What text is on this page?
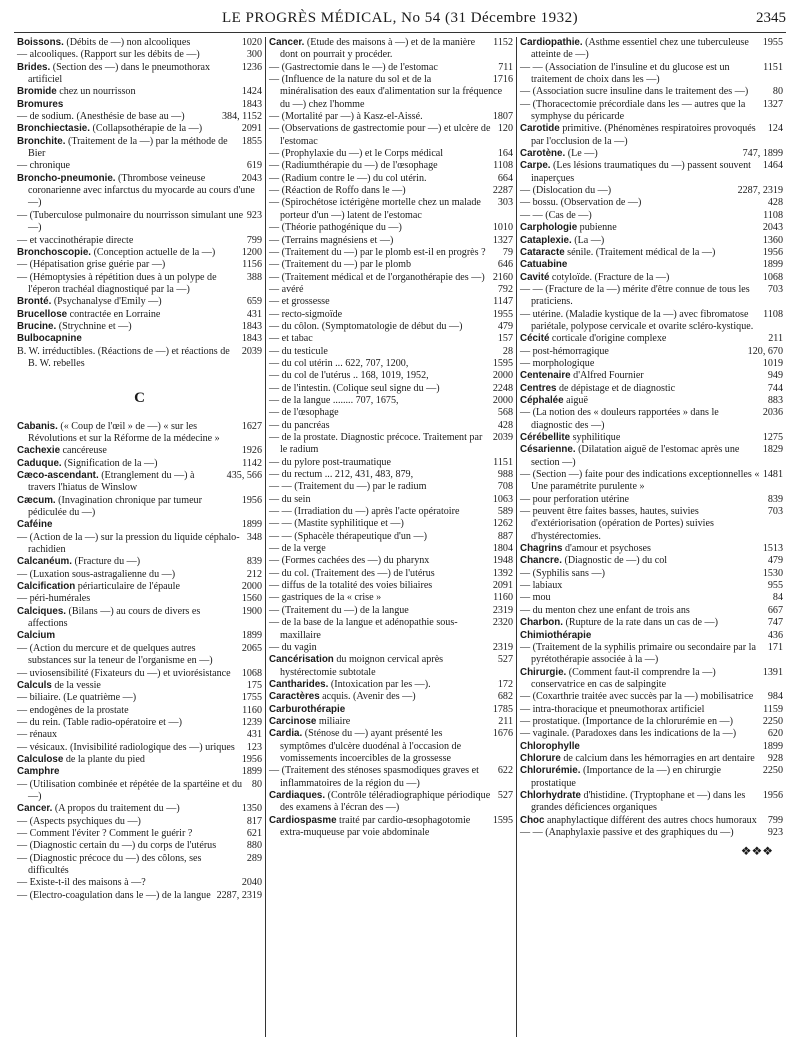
LE PROGRÈS MÉDICAL, No 54 (31 Décembre 1932)	2345

1020
Boissons. (Débits de —) non alcooliques

300
— alcooliques. (Rapport sur les débits de —)

1236
Brides. (Section des —) dans le pneumothorax artificiel

1424
Bromide chez un nourrisson

1843
Bromures

384, 1152
— de sodium. (Anesthésie de base au —)

2091
Bronchiectasie. (Collapsothérapie de la —)

1855
Bronchite. (Traitement de la —) par la méthode de Bier

619
— chronique

2043
Broncho-pneumonie. (Thrombose veineuse coronarienne avec infarctus du myocarde au cours d'une —)

923
— (Tuberculose pulmonaire du nourrisson simulant une —)

799
— et vaccinothérapie directe

1200
Bronchoscopie. (Conception actuelle de la —)

1156
— (Hépatisation grise guérie par —)

388
— (Hémoptysies à répétition dues à un polype de l'éperon trachéal diagnostiqué par la —)

659
Bronté. (Psychanalyse d'Emily —)

431
Brucellose contractée en Lorraine

1843
Brucine. (Strychnine et —)

1843
Bulbocapnine

2039
B. W. irréductibles. (Réactions de —) et réactions de B. W. rebelles

C

1627
Cabanis. (« Coup de l'œil » de —) « sur les Révolutions et sur la Réforme de la médecine »

1926
Cachexie cancéreuse

1142
Caduque. (Signification de la —)

435, 566
Cæco-ascendant. (Etranglement du —) à travers l'hiatus de Winslow

1956
Cæcum. (Invagination chronique par tumeur pédiculée du —)

1899
Caféine

348
— (Action de la —) sur la pression du liquide céphalo-rachidien

839
Calcanéum. (Fracture du —)

212
— (Luxation sous-astragalienne du —)

2000
Calcification périarticulaire de l'épaule

1560
— péri-humérales

1900
Calciques. (Bilans —) au cours de divers es affections

1899
Calcium

2065
— (Action du mercure et de quelques autres substances sur la teneur de l'organisme en —)

1068
— uviosensibilité (Fixateurs du —) et uviorésistance

175
Calculs de la vessie

1755
— biliaire. (Le quatrième —)

1160
— endogènes de la prostate

1239
— du rein. (Table radio-opératoire et —)

431
— rénaux

123
— vésicaux. (Invisibilité radiologique des —) uriques

1956
Calculose de la plante du pied

1899
Camphre

80
— (Utilisation combinée et répétée de la spartéine et du —)

1350
Cancer. (A propos du traitement du —)

817
— (Aspects psychiques du —)

621
— Comment l'éviter ? Comment le guérir ?

880
— (Diagnostic certain du —) du corps de l'utérus

289
— (Diagnostic précoce du —) des côlons, ses difficultés

2040
— Existe-t-il des maisons à —?

2287, 2319
— (Electro-coagulation dans le —) de la langue

1152
Cancer. (Etude des maisons à —) et de la manière dont on pourrait y procéder.

711
— (Gastrectomie dans le —) de l'estomac

1716
— (Influence de la nature du sol et de la minéralisation des eaux d'alimentation sur la fréquence du —) chez l'homme

1807
— (Mortalité par —) à Kasz-el-Aissé.

120
— (Observations de gastrectomie pour —) et ulcère de l'estomac

164
— (Prophylaxie du —) et le Corps médical

1108
— (Radiumthérapie du —) de l'œsophage

664
— (Radium contre le —) du col utérin.

2287
— (Réaction de Roffo dans le —)

303
— (Spirochétose ictérigène mortelle chez un malade porteur d'un —) latent de l'estomac

1010
— (Théorie pathogénique du —)

1327
— (Terrains magnésiens et —)

79
— (Traitement du —) par le plomb est-il en progrès ?

646
— (Traitement du —) par le plomb

2160
— (Traitement médical et de l'organothérapie des —)

792
— avéré

1147
— et grossesse

1955
— recto-sigmoïde

479
— du côlon. (Symptomatologie de début du —)

157
— et tabac

28
— du testicule

1595
— du col utérin ... 622, 707, 1200,

2000
— du col de l'utérus .. 168, 1019, 1952,

2248
— de l'intestin. (Colique seul signe du —)

2000
— de la langue ........ 707, 1675,

568
— de l'œsophage

428
— du pancréas

2039
— de la prostate. Diagnostic précoce. Traitement par le radium

1151
— du pylore post-traumatique

988
— du rectum ... 212, 431, 483, 879,

708
— — (Traitement du —) par le radium

1063
— du sein

589
— — (Irradiation du —) après l'acte opératoire

1262
— — (Mastite syphilitique et —)

887
— — (Sphacèle thérapeutique d'un —)

1804
— de la verge

1948
— (Formes cachées des —) du pharynx

1392
— du col. (Traitement des —) de l'utérus

2091
— diffus de la totalité des voies biliaires

1160
— gastriques de la « crise »

2319
— (Traitement du —) de la langue

2320
— de la base de la langue et adénopathie sous-maxillaire

2319
— du vagin

527
Cancérisation du moignon cervical après hystérectomie subtotale

172
Cantharides. (Intoxication par les —).

682
Caractères acquis. (Avenir des —)

1785
Carburothérapie

211
Carcinose miliaire

1676
Cardia. (Sténose du —) ayant présenté les symptômes d'ulcère duodénal à l'occasion de vomissements incoercibles de la grossesse

622
— (Traitement des sténoses spasmodiques graves et inflammatoires de la région du —)

527
Cardiaques. (Contrôle téléradiographique périodique des examens à l'écran des —)

1595
Cardiospasme traité par cardio-œsophagotomie extra-muqueuse par voie abdominale

1955
Cardiopathie. (Asthme essentiel chez une tuberculeuse atteinte de —)

1151
— — (Association de l'insuline et du glucose est un traitement de choix dans les —)

80
— (Association sucre insuline dans le traitement des —)

1327
— (Thoracectomie précordiale dans les — autres que la symphyse du péricarde

124
Carotide primitive. (Phénomènes respiratoires provoqués par l'occlusion de la —)

747, 1899
Carotène. (Le —)

1464
Carpe. (Les lésions traumatiques du —) passent souvent inaperçues

2287, 2319
— (Dislocation du —)

428
— bossu. (Observation de —)

1108
— — (Cas de —)

2043
Carphologie pubienne

1360
Cataplexie. (La —)

1956
Cataracte sénile. (Traitement médical de la —)

1899
Catuabine

1068
Cavité cotyloïde. (Fracture de la —)

703
— — (Fracture de la —) mérite d'être connue de tous les praticiens.

1108
— utérine. (Maladie kystique de la —) avec fibromatose pariétale, polypose cervicale et ovarite scléro-kystique.

211
Cécité corticale d'origine complexe

120, 670
— post-hémorragique

1019
— morphologique

949
Centenaire d'Alfred Fournier

744
Centres de dépistage et de diagnostic

883
Céphalée aiguë

2036
— (La notion des « douleurs rapportées » dans le diagnostic des —)

1275
Cérébellite syphilitique

1829
Césarienne. (Dilatation aiguë de l'estomac après une section —)

1481
— (Section —) faite pour des indications exceptionnelles « Une paramétrite purulente »

839
— pour perforation utérine

703
— peuvent être faites basses, hautes, suivies d'extériorisation (opération de Portes) suivies d'hystérectomies.

1513
Chagrins d'amour et psychoses

479
Chancre. (Diagnostic de —) du col

1530
— (Syphilis sans —)

955
— labiaux

84
— mou

667
— du menton chez une enfant de trois ans

747
Charbon. (Rupture de la rate dans un cas de —)

436
Chimiothérapie

171
— (Traitement de la syphilis primaire ou secondaire par la pyrétothérapie associée à la —)

1391
Chirurgie. (Comment faut-il comprendre la —) conservatrice en cas de salpingite

984
— (Coxarthrie traitée avec succès par la —) mobilisatrice

1159
— intra-thoracique et pneumothorax artificiel

2250
— prostatique. (Importance de la chlorurémie en —)

620
— vaginale. (Paradoxes dans les indications de la —)

1899
Chlorophylle

928
Chlorure de calcium dans les hémorragies en art dentaire

2250
Chlorurémie. (Importance de la —) en chirurgie prostatique

1956
Chlorhydrate d'histidine. (Tryptophane et —) dans les grandes déficiences organiques

799
Choc anaphylactique différent des autres chocs humoraux

923
— — (Anaphylaxie passive et des graphiques du —)

❖❖❖
